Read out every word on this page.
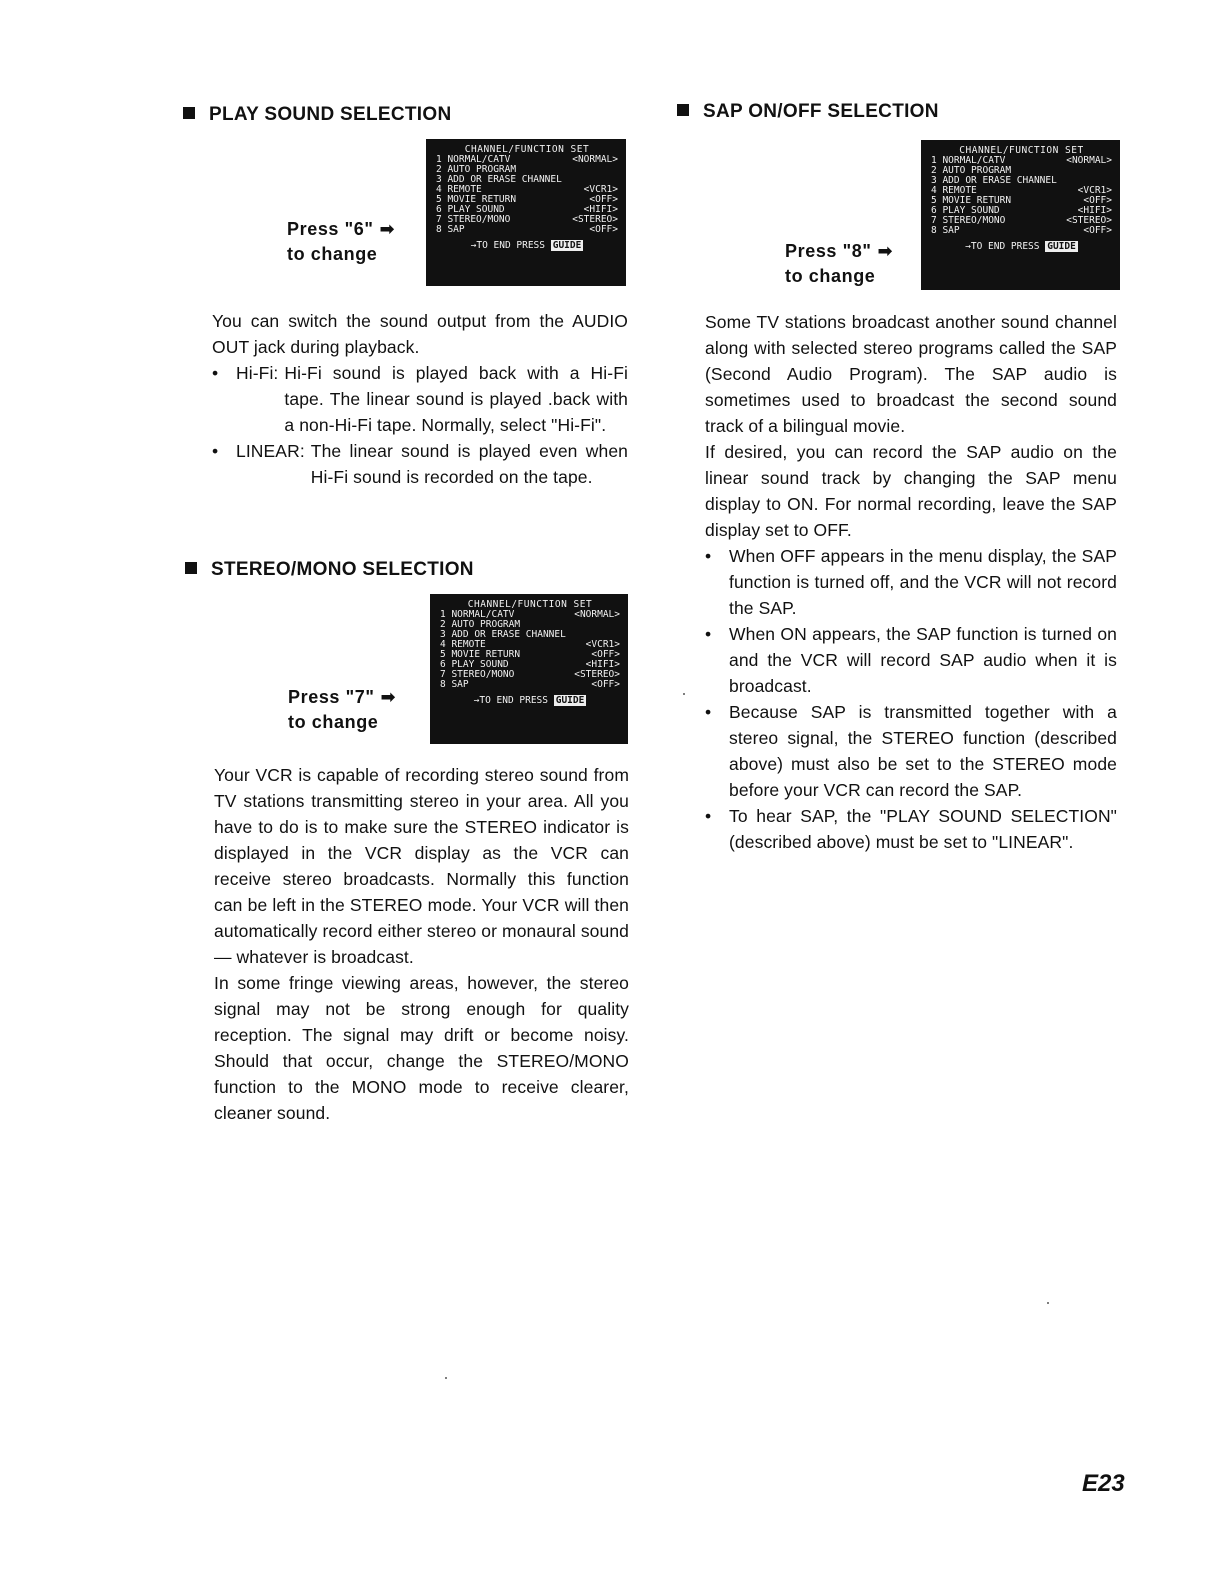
PLAY SOUND SELECTION
Press "6" ➡
to change
CHANNEL/FUNCTION SET
1 NORMAL/CATV	<NORMAL>
2 AUTO PROGRAM
3 ADD OR ERASE CHANNEL
4 REMOTE	<VCR1>
5 MOVIE RETURN	<OFF>
6 PLAY SOUND	<HIFI>
7 STEREO/MONO	<STEREO>
8 SAP	<OFF>
→TO END PRESS GUIDE

You can switch the sound output from the AUDIO OUT jack during playback.

• Hi-Fi: Hi-Fi sound is played back with a Hi-Fi tape. The linear sound is played .back with a non-Hi-Fi tape. Normally, select "Hi-Fi".
• LINEAR: The linear sound is played even when Hi-Fi sound is recorded on the tape.
STEREO/MONO SELECTION
Press "7" ➡
to change
CHANNEL/FUNCTION SET
1 NORMAL/CATV	<NORMAL>
2 AUTO PROGRAM
3 ADD OR ERASE CHANNEL
4 REMOTE	<VCR1>
5 MOVIE RETURN	<OFF>
6 PLAY SOUND	<HIFI>
7 STEREO/MONO	<STEREO>
8 SAP	<OFF>
→TO END PRESS GUIDE

Your VCR is capable of recording stereo sound from TV stations transmitting stereo in your area. All you have to do is to make sure the STEREO indicator is displayed in the VCR display as the VCR can receive stereo broadcasts. Normally this function can be left in the STEREO mode. Your VCR will then automatically record either stereo or monaural sound — whatever is broadcast.

In some fringe viewing areas, however, the stereo signal may not be strong enough for quality reception. The signal may drift or become noisy. Should that occur, change the STEREO/MONO function to the MONO mode to receive clearer, cleaner sound.

SAP ON/OFF SELECTION
Press "8" ➡
to change
CHANNEL/FUNCTION SET
1 NORMAL/CATV	<NORMAL>
2 AUTO PROGRAM
3 ADD OR ERASE CHANNEL
4 REMOTE	<VCR1>
5 MOVIE RETURN	<OFF>
6 PLAY SOUND	<HIFI>
7 STEREO/MONO	<STEREO>
8 SAP	<OFF>
→TO END PRESS GUIDE

Some TV stations broadcast another sound channel along with selected stereo programs called the SAP (Second Audio Program). The SAP audio is sometimes used to broadcast the second sound track of a bilingual movie.

If desired, you can record the SAP audio on the linear sound track by changing the SAP menu display to ON. For normal recording, leave the SAP display set to OFF.

• When OFF appears in the menu display, the SAP function is turned off, and the VCR will not record the SAP.
• When ON appears, the SAP function is turned on and the VCR will record SAP audio when it is broadcast.
• Because SAP is transmitted together with a stereo signal, the STEREO function (described above) must also be set to the STEREO mode before your VCR can record the SAP.
• To hear SAP, the "PLAY SOUND SELECTION" (described above) must be set to "LINEAR".
E23
